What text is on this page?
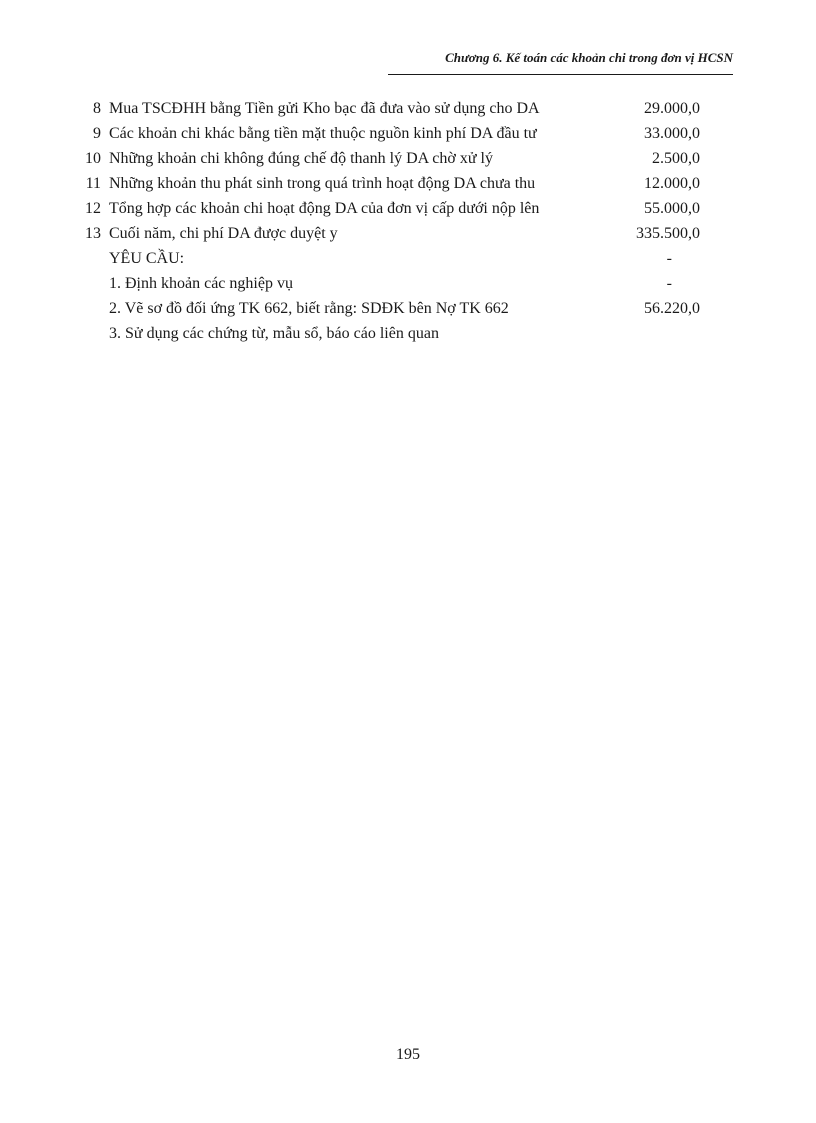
Chương 6. Kế toán các khoản chi trong đơn vị HCSN
8 Mua TSCĐHH bằng Tiền gửi Kho bạc đã đưa vào sử dụng cho DA	29.000,0
9 Các khoản chi khác bằng tiền mặt thuộc nguồn kinh phí DA đầu tư	33.000,0
10 Những khoản chi không đúng chế độ thanh lý DA chờ xử lý	2.500,0
11 Những khoản thu phát sinh trong quá trình hoạt động DA chưa thu	12.000,0
12 Tổng hợp các khoản chi hoạt động DA của đơn vị cấp dưới nộp lên	55.000,0
13 Cuối năm, chi phí DA được duyệt y	335.500,0
YÊU CẦU:	-
1. Định khoản các nghiệp vụ	-
2. Vẽ sơ đồ đối ứng TK 662, biết rằng: SDĐK bên Nợ TK 662	56.220,0
3. Sử dụng các chứng từ, mẫu sổ, báo cáo liên quan
195
